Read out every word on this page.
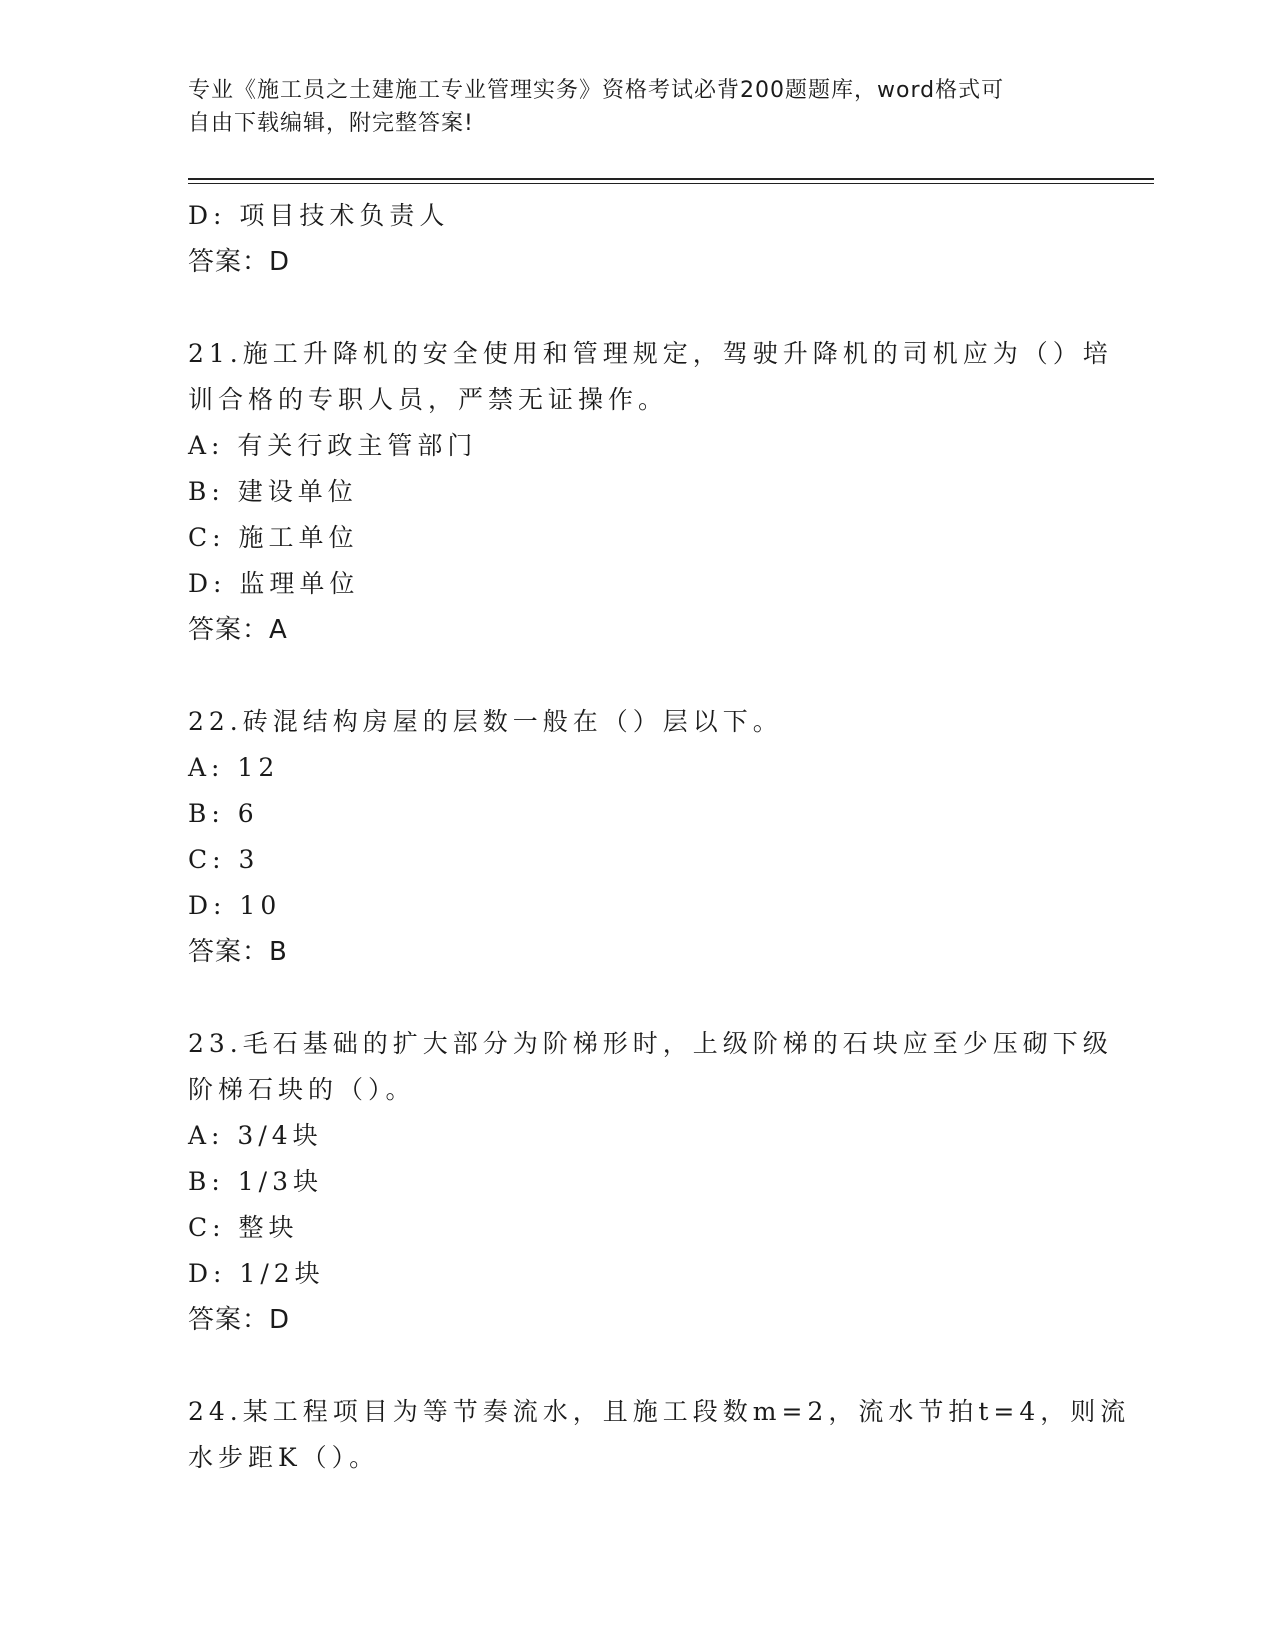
专业《施工员之土建施工专业管理实务》资格考试必背200题题库，word格式可
自由下载编辑，附完整答案!
D: 项目技术负责人
答案：D
21.施工升降机的安全使用和管理规定，驾驶升降机的司机应为（）培
训合格的专职人员，严禁无证操作。
A: 有关行政主管部门
B: 建设单位
C: 施工单位
D: 监理单位
答案：A
22.砖混结构房屋的层数一般在（）层以下。
A: 12
B: 6
C: 3
D: 10
答案：B
23.毛石基础的扩大部分为阶梯形时，上级阶梯的石块应至少压砌下级
阶梯石块的（）。
A: 3/4块
B: 1/3块
C: 整块
D: 1/2块
答案：D
24.某工程项目为等节奏流水，且施工段数m=2，流水节拍t=4，则流
水步距K（）。
